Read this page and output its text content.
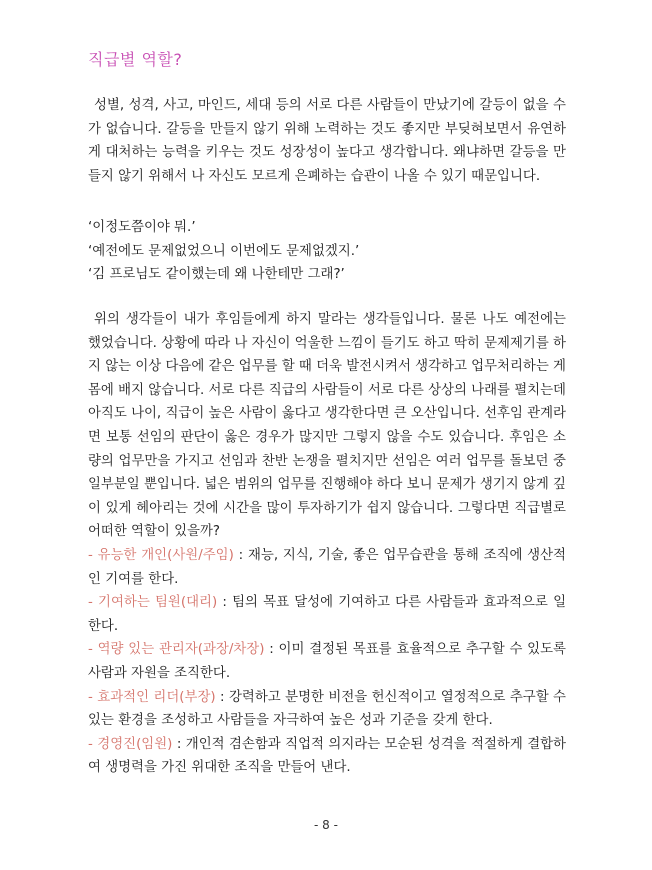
직급별 역할?

성별, 성격, 사고, 마인드, 세대 등의 서로 다른 사람들이 만났기에 갈등이 없을 수가 없습니다. 갈등을 만들지 않기 위해 노력하는 것도 좋지만 부딪혀보면서 유연하게 대처하는 능력을 키우는 것도 성장성이 높다고 생각합니다. 왜냐하면 갈등을 만들지 않기 위해서 나 자신도 모르게 은폐하는 습관이 나올 수 있기 때문입니다.

‘이정도쯤이야 뭐.’
‘예전에도 문제없었으니 이번에도 문제없겠지.’
‘김 프로님도 같이했는데 왜 나한테만 그래?’

위의 생각들이 내가 후임들에게 하지 말라는 생각들입니다. 물론 나도 예전에는 했었습니다. 상황에 따라 나 자신이 억울한 느낌이 들기도 하고 딱히 문제제기를 하지 않는 이상 다음에 같은 업무를 할 때 더욱 발전시켜서 생각하고 업무처리하는 게 몸에 배지 않습니다. 서로 다른 직급의 사람들이 서로 다른 상상의 나래를 펼치는데 아직도 나이, 직급이 높은 사람이 옳다고 생각한다면 큰 오산입니다. 선후임 관계라면 보통 선임의 판단이 옳은 경우가 많지만 그렇지 않을 수도 있습니다. 후임은 소량의 업무만을 가지고 선임과 찬반 논쟁을 펼치지만 선임은 여러 업무를 돌보던 중 일부분일 뿐입니다. 넓은 범위의 업무를 진행해야 하다 보니 문제가 생기지 않게 깊이 있게 헤아리는 것에 시간을 많이 투자하기가 쉽지 않습니다. 그렇다면 직급별로 어떠한 역할이 있을까?

- 유능한 개인(사원/주임) : 재능, 지식, 기술, 좋은 업무습관을 통해 조직에 생산적인 기여를 한다.
- 기여하는 팀원(대리) : 팀의 목표 달성에 기여하고 다른 사람들과 효과적으로 일한다.
- 역량 있는 관리자(과장/차장) : 이미 결정된 목표를 효율적으로 추구할 수 있도록 사람과 자원을 조직한다.
- 효과적인 리더(부장) : 강력하고 분명한 비전을 헌신적이고 열정적으로 추구할 수 있는 환경을 조성하고 사람들을 자극하여 높은 성과 기준을 갖게 한다.
- 경영진(임원) : 개인적 겸손함과 직업적 의지라는 모순된 성격을 적절하게 결합하여 생명력을 가진 위대한 조직을 만들어 낸다.
- 8 -
